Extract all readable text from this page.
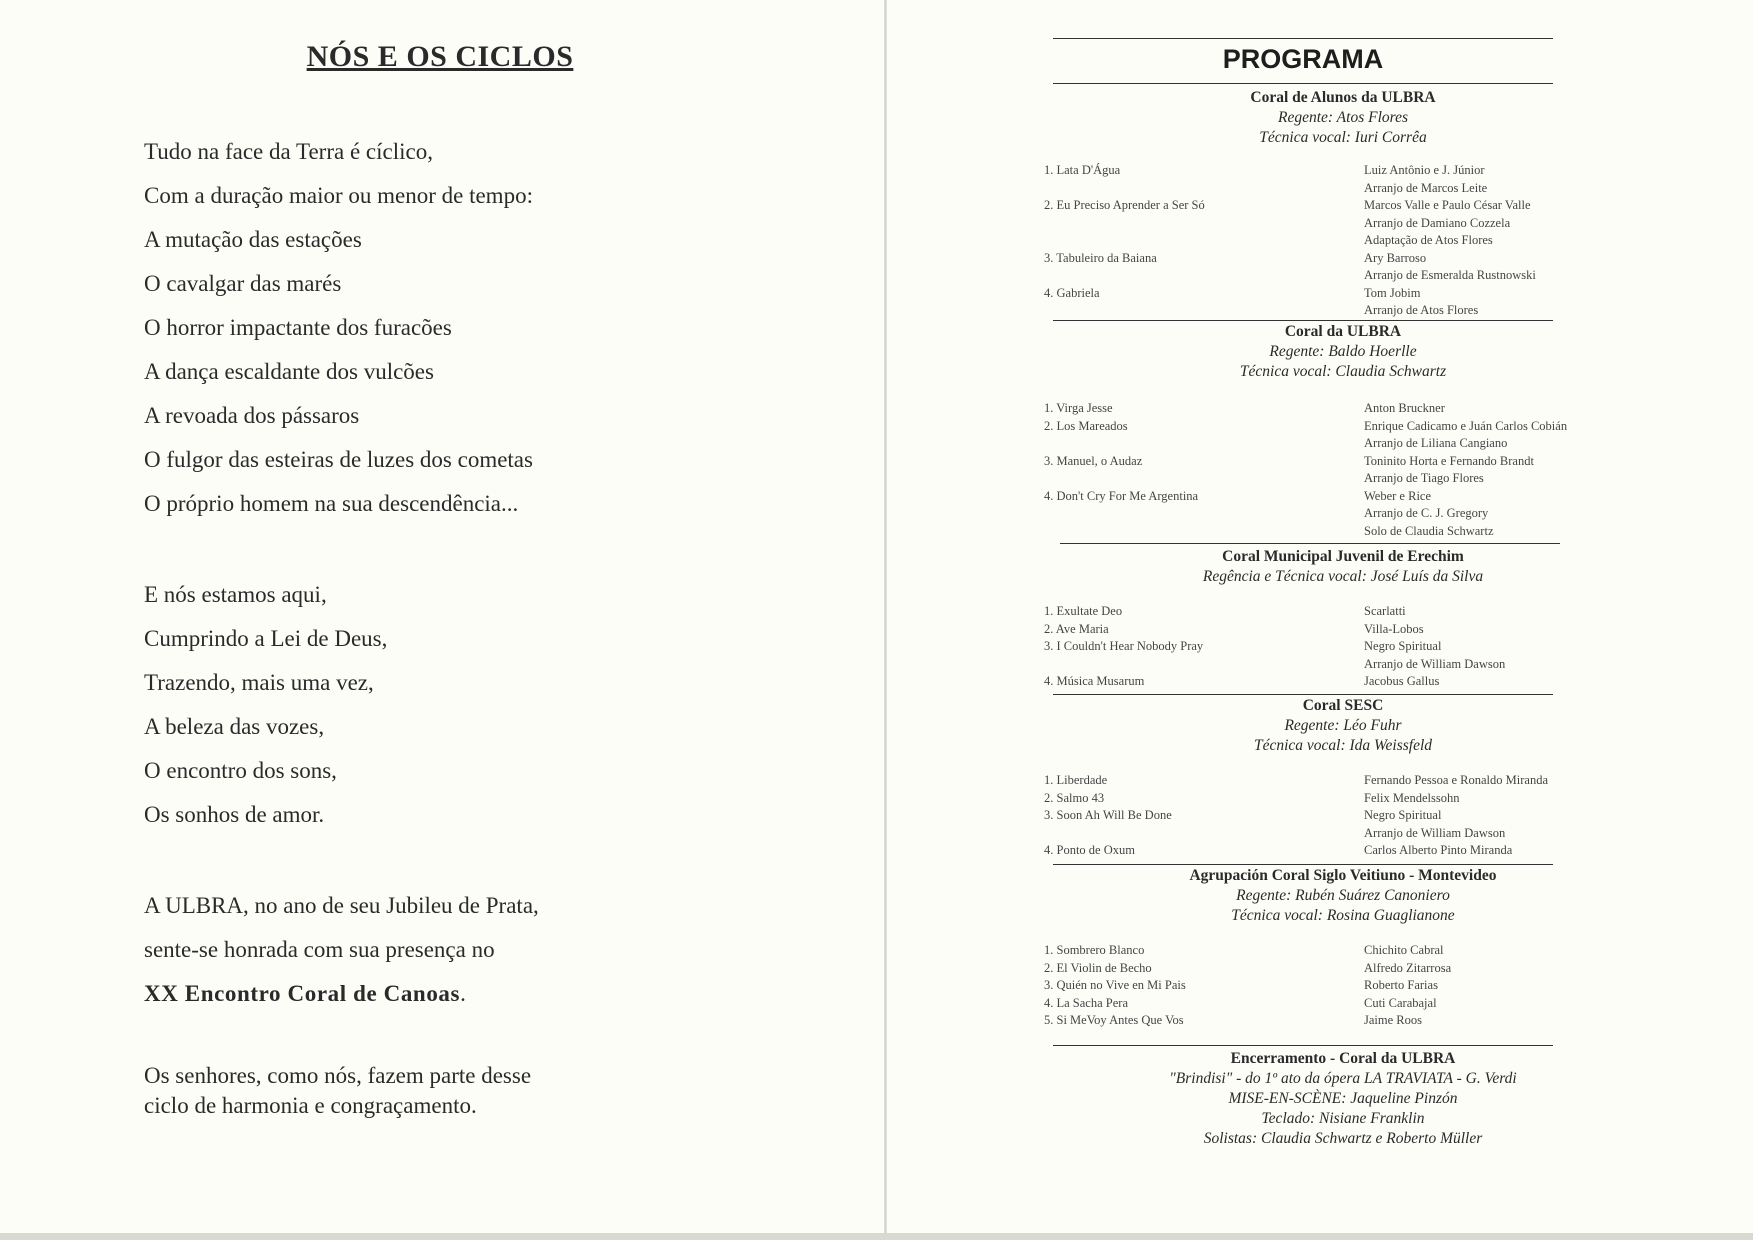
NÓS E OS CICLOS
Tudo na face da Terra é cíclico,
Com a duração maior ou menor de tempo:
A mutação das estações
O cavalgar das marés
O horror impactante dos furacões
A dança escaldante dos vulcões
A revoada dos pássaros
O fulgor das esteiras de luzes dos cometas
O próprio homem na sua descendência...
E nós estamos aqui,
Cumprindo a Lei de Deus,
Trazendo, mais uma vez,
A beleza das vozes,
O encontro dos sons,
Os sonhos de amor.
A ULBRA, no ano de seu Jubileu de Prata,
sente-se honrada com sua presença no
XX Encontro Coral de Canoas.
Os senhores, como nós, fazem parte desse
ciclo de harmonia e congraçamento.
PROGRAMA
Coral de Alunos da ULBRA
Regente: Atos Flores
Técnica vocal: Iuri Corrêa
1. Lata D'Água	Luiz Antônio e J. Júnior
Arranjo de Marcos Leite
2. Eu Preciso Aprender a Ser Só	Marcos Valle e Paulo César Valle
Arranjo de Damiano Cozzela
Adaptação de Atos Flores
3. Tabuleiro da Baiana	Ary Barroso
Arranjo de Esmeralda Rustnowski
4. Gabriela	Tom Jobim
Arranjo de Atos Flores
Coral da ULBRA
Regente: Baldo Hoerlle
Técnica vocal: Claudia Schwartz
1. Virga Jesse	Anton Bruckner
2. Los Mareados	Enrique Cadicamo e Juán Carlos Cobián
Arranjo de Liliana Cangiano
3. Manuel, o Audaz	Toninito Horta e Fernando Brandt
Arranjo de Tiago Flores
4. Don't Cry For Me Argentina	Weber e Rice
Arranjo de C. J. Gregory
Solo de Claudia Schwartz
Coral Municipal Juvenil de Erechim
Regência e Técnica vocal: José Luís da Silva
1. Exultate Deo	Scarlatti
2. Ave Maria	Villa-Lobos
3. I Couldn't Hear Nobody Pray	Negro Spiritual
Arranjo de William Dawson
4. Música Musarum	Jacobus Gallus
Coral SESC
Regente: Léo Fuhr
Técnica vocal: Ida Weissfeld
1. Liberdade	Fernando Pessoa e Ronaldo Miranda
2. Salmo 43	Felix Mendelssohn
3. Soon Ah Will Be Done	Negro Spiritual
Arranjo de William Dawson
4. Ponto de Oxum	Carlos Alberto Pinto Miranda
Agrupación Coral Siglo Veitiuno - Montevideo
Regente: Rubén Suárez Canoniero
Técnica vocal: Rosina Guaglianone
1. Sombrero Blanco	Chichito Cabral
2. El Violin de Becho	Alfredo Zitarrosa
3. Quién no Vive en Mi Pais	Roberto Farias
4. La Sacha Pera	Cuti Carabajal
5. Si MeVoy Antes Que Vos	Jaime Roos
Encerramento - Coral da ULBRA
"Brindisi" - do 1º ato da ópera LA TRAVIATA - G. Verdi
MISE-EN-SCÈNE: Jaqueline Pinzón
Teclado: Nisiane Franklin
Solistas: Claudia Schwartz e Roberto Müller
